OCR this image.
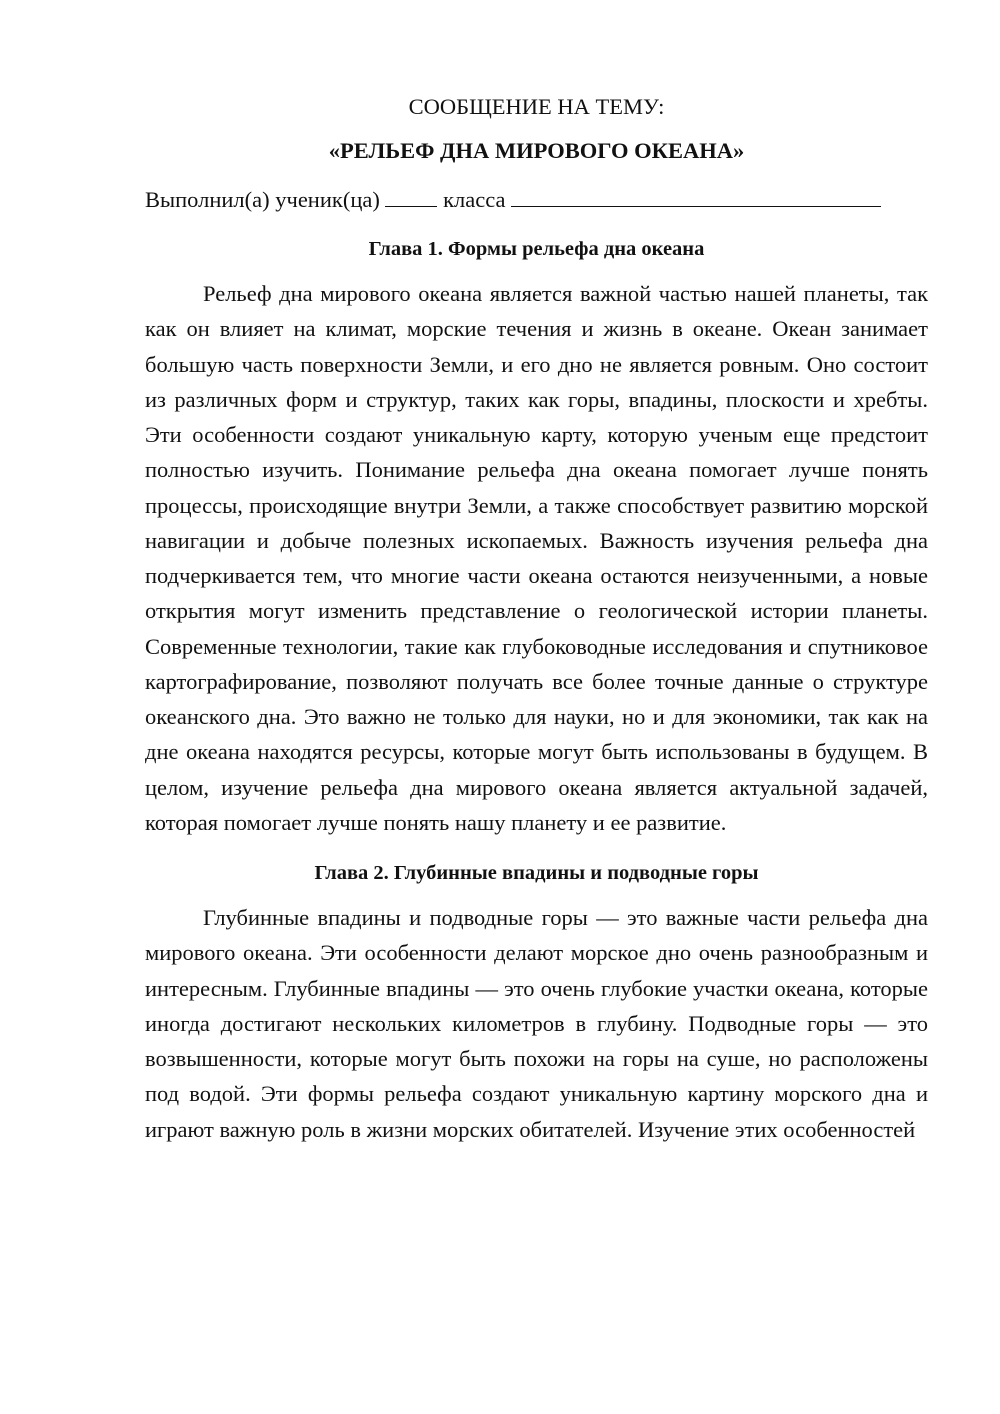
СООБЩЕНИЕ НА ТЕМУ:

«РЕЛЬЕФ ДНА МИРОВОГО ОКЕАНА»

Выполнил(а) ученик(ца)	класса

Глава 1. Формы рельефа дна океана

Рельеф дна мирового океана является важной частью нашей планеты, так как он влияет на климат, морские течения и жизнь в океане. Океан занимает большую часть поверхности Земли, и его дно не является ровным. Оно состоит из различных форм и структур, таких как горы, впадины, плоскости и хребты. Эти особенности создают уникальную карту, которую ученым еще предстоит полностью изучить. Понимание рельефа дна океана помогает лучше понять процессы, происходящие внутри Земли, а также способствует развитию морской навигации и добыче полезных ископаемых. Важность изучения рельефа дна подчеркивается тем, что многие части океана остаются неизученными, а новые открытия могут изменить представление о геологической истории планеты. Современные технологии, такие как глубоководные исследования и спутниковое картографирование, позволяют получать все более точные данные о структуре океанского дна. Это важно не только для науки, но и для экономики, так как на дне океана находятся ресурсы, которые могут быть использованы в будущем. В целом, изучение рельефа дна мирового океана является актуальной задачей, которая помогает лучше понять нашу планету и ее развитие.

Глава 2. Глубинные впадины и подводные горы

Глубинные впадины и подводные горы — это важные части рельефа дна мирового океана. Эти особенности делают морское дно очень разнообразным и интересным. Глубинные впадины — это очень глубокие участки океана, которые иногда достигают нескольких километров в глубину. Подводные горы — это возвышенности, которые могут быть похожи на горы на суше, но расположены под водой. Эти формы рельефа создают уникальную картину морского дна и играют важную роль в жизни морских обитателей. Изучение этих особенностей
